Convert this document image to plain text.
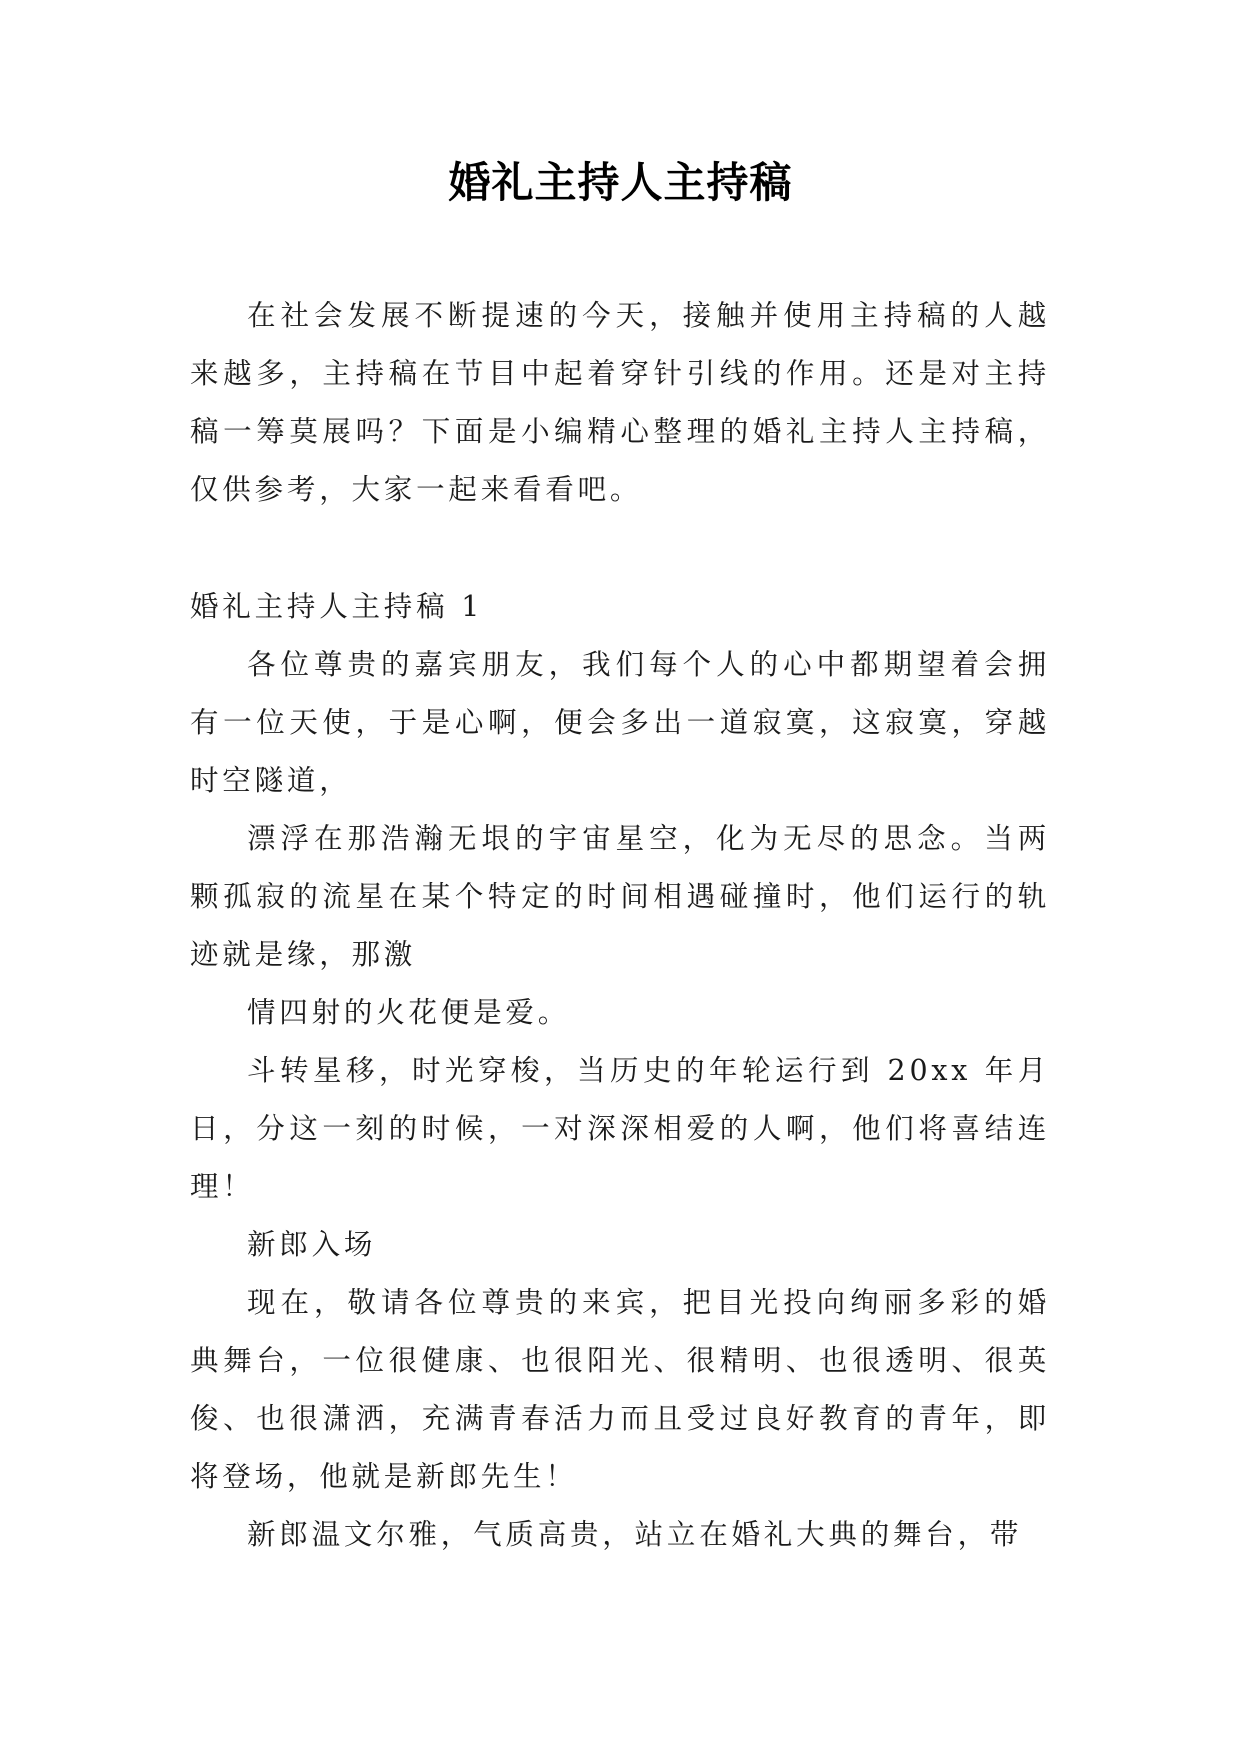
婚礼主持人主持稿

在社会发展不断提速的今天，接触并使用主持稿的人越来越多，主持稿在节目中起着穿针引线的作用。还是对主持稿一筹莫展吗？下面是小编精心整理的婚礼主持人主持稿，仅供参考，大家一起来看看吧。

婚礼主持人主持稿 1

各位尊贵的嘉宾朋友，我们每个人的心中都期望着会拥有一位天使，于是心啊，便会多出一道寂寞，这寂寞，穿越时空隧道，

漂浮在那浩瀚无垠的宇宙星空，化为无尽的思念。当两颗孤寂的流星在某个特定的时间相遇碰撞时，他们运行的轨迹就是缘，那激

情四射的火花便是爱。

斗转星移，时光穿梭，当历史的年轮运行到 20xx 年月日，分这一刻的时候，一对深深相爱的人啊，他们将喜结连理！

新郎入场

现在，敬请各位尊贵的来宾，把目光投向绚丽多彩的婚典舞台，一位很健康、也很阳光、很精明、也很透明、很英俊、也很潇洒，充满青春活力而且受过良好教育的青年，即将登场，他就是新郎先生！

新郎温文尔雅，气质高贵，站立在婚礼大典的舞台，带
